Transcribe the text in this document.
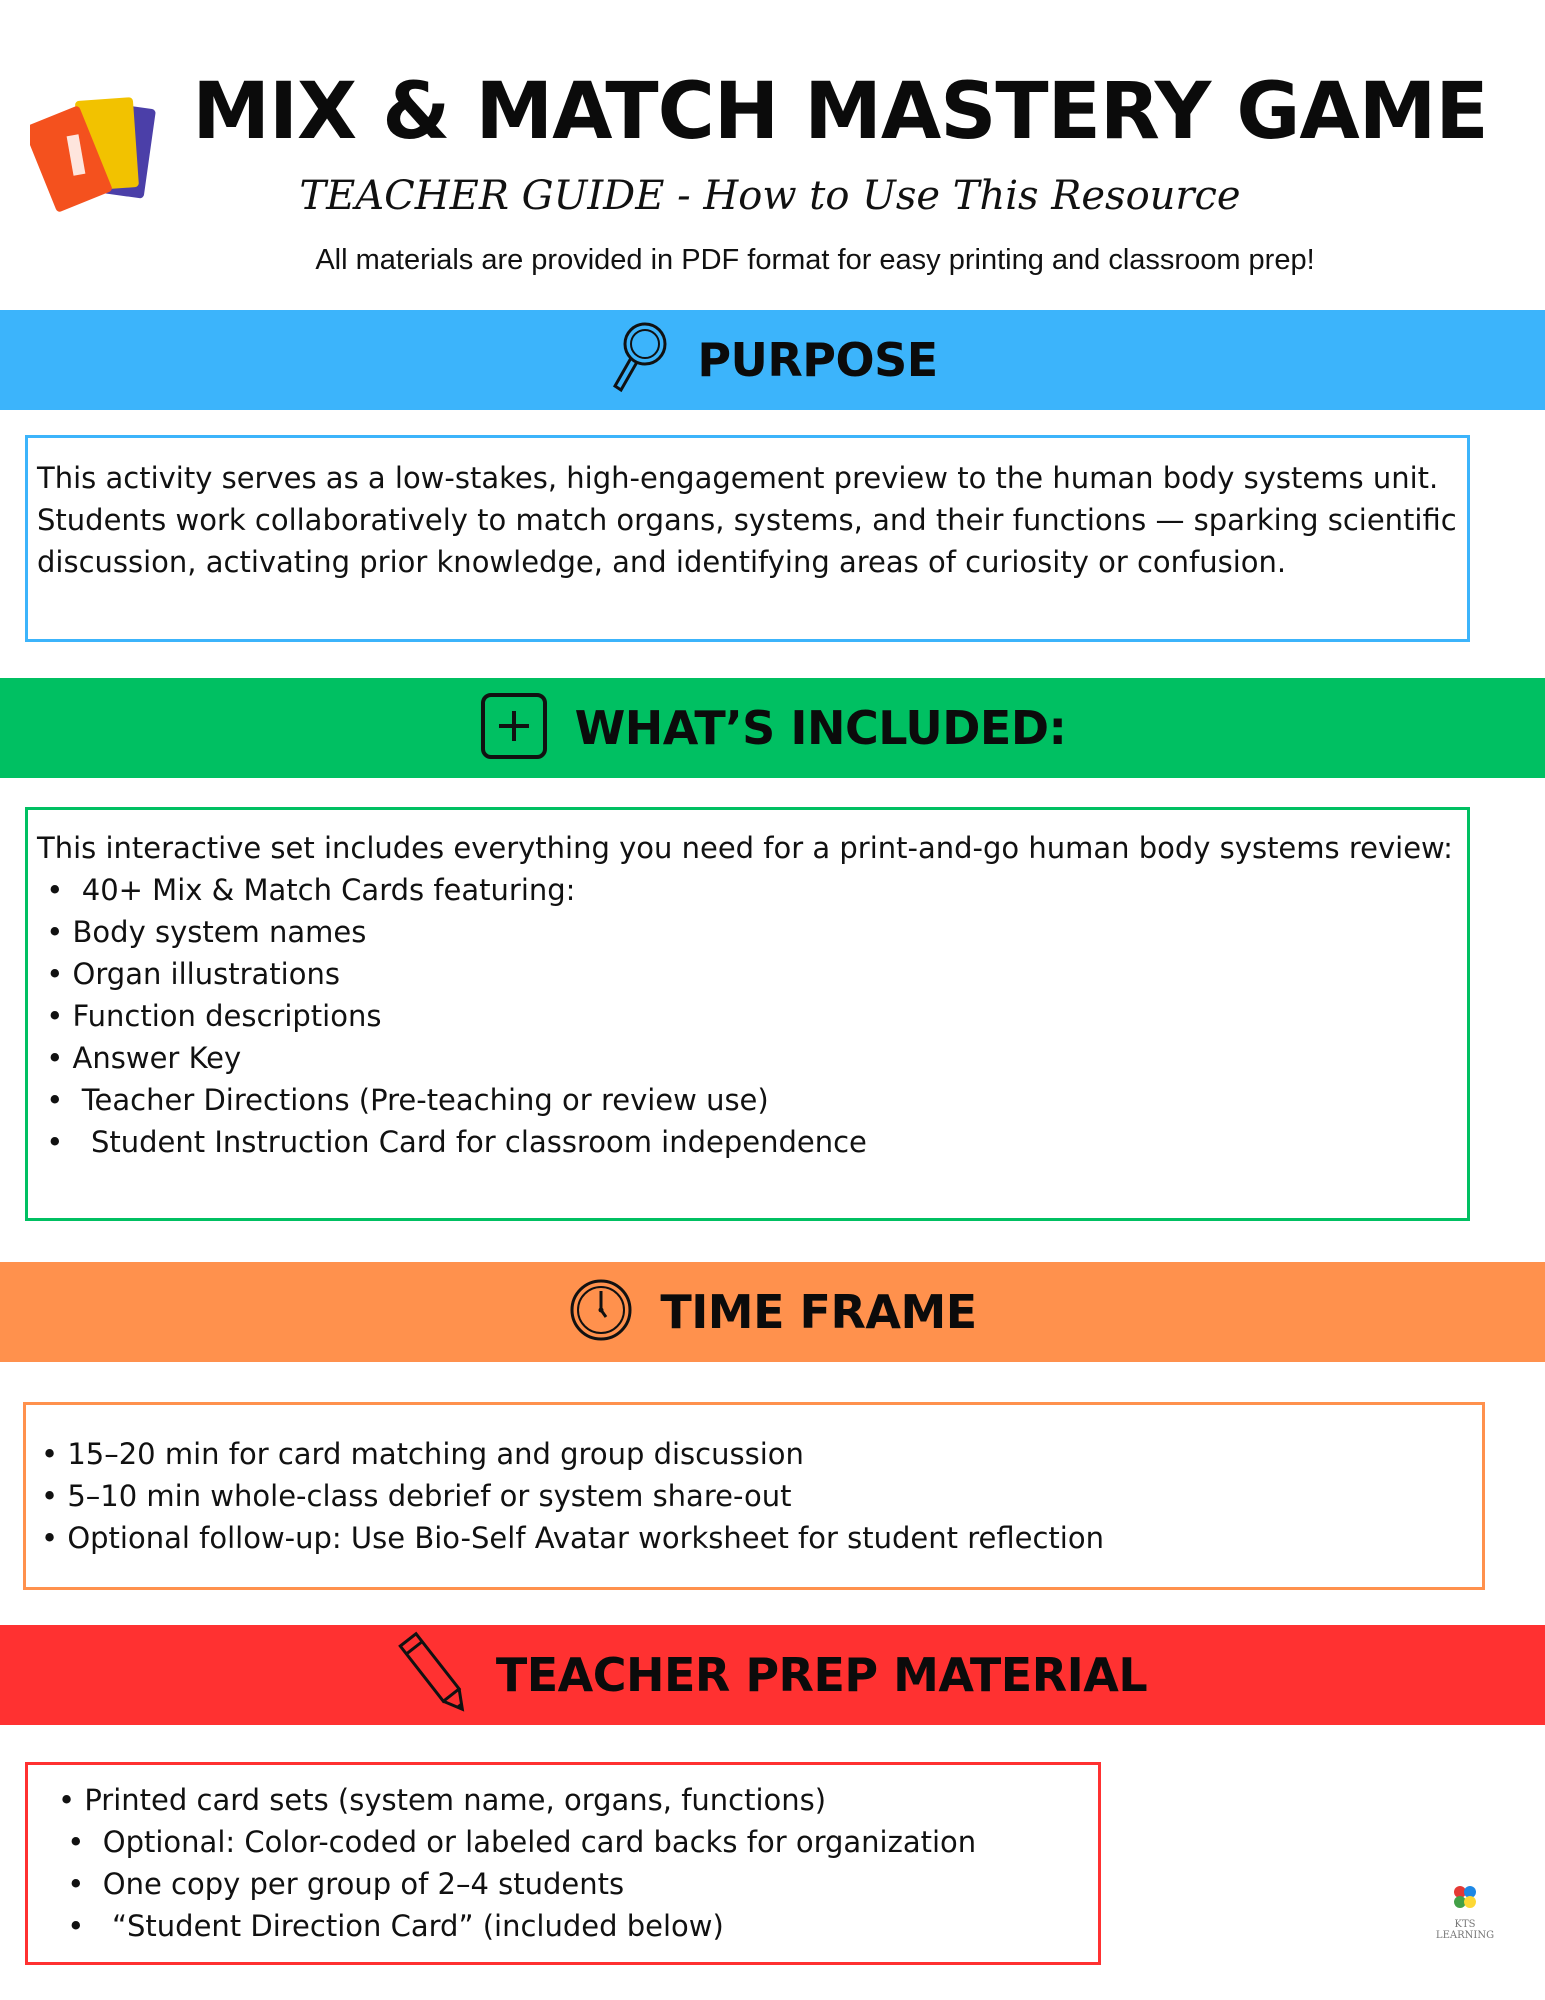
MIX & MATCH MASTERY GAME
TEACHER GUIDE - How to Use This Resource
All materials are provided in PDF format for easy printing and classroom prep!
PURPOSE
This activity serves as a low-stakes, high-engagement preview to the human body systems unit. Students work collaboratively to match organs, systems, and their functions — sparking scientific discussion, activating prior knowledge, and identifying areas of curiosity or confusion.
WHAT’S INCLUDED:
This interactive set includes everything you need for a print-and-go human body systems review:
•  40+ Mix & Match Cards featuring:
• Body system names
• Organ illustrations
• Function descriptions
• Answer Key
•  Teacher Directions (Pre-teaching or review use)
•   Student Instruction Card for classroom independence
TIME FRAME
• 15–20 min for card matching and group discussion
• 5–10 min whole-class debrief or system share-out
• Optional follow-up: Use Bio-Self Avatar worksheet for student reflection
TEACHER PREP MATERIAL
• Printed card sets (system name, organs, functions)
•  Optional: Color-coded or labeled card backs for organization
•  One copy per group of 2–4 students
•   “Student Direction Card” (included below)	KTS
LEARNING
